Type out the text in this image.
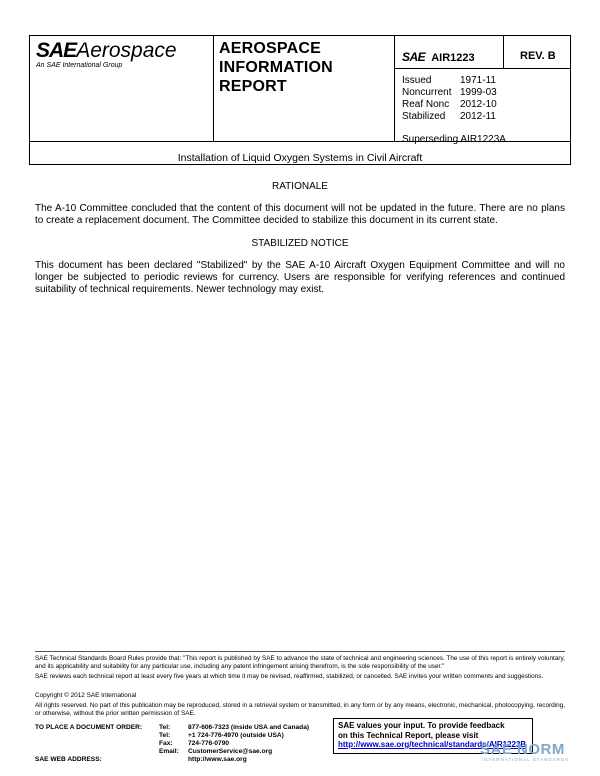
SAEAerospace
An SAE International Group
AEROSPACE
INFORMATION
REPORT
SAE AIR1223	REV. B
Issued	1971-11
Noncurrent 1999-03
Reaf Nonc 2012-10
Stabilized 2012-11
Superseding AIR1223A
Installation of Liquid Oxygen Systems in Civil Aircraft
RATIONALE
The A-10 Committee concluded that the content of this document will not be updated in the future. There are no plans to create a replacement document. The Committee decided to stabilize this document in its current state.
STABILIZED NOTICE
This document has been declared "Stabilized" by the SAE A-10 Aircraft Oxygen Equipment Committee and will no longer be subjected to periodic reviews for currency. Users are responsible for verifying references and continued suitability of technical requirements. Newer technology may exist.
SAE Technical Standards Board Rules provide that: "This report is published by SAE to advance the state of technical and engineering sciences. The use of this report is entirely voluntary, and its applicability and suitability for any particular use, including any patent infringement arising therefrom, is the sole responsibility of the user."
SAE reviews each technical report at least every five years at which time it may be revised, reaffirmed, stabilized, or cancelled. SAE invites your written comments and suggestions.
Copyright © 2012 SAE International
All rights reserved. No part of this publication may be reproduced, stored in a retrieval system or transmitted, in any form or by any means, electronic, mechanical, photocopying, recording, or otherwise, without the prior written permission of SAE.
TO PLACE A DOCUMENT ORDER:	Tel:	877-606-7323 (inside USA and Canada)
Tel:	+1 724-776-4970 (outside USA)
Fax: 724-776-0790
Email: CustomerService@sae.org
SAE WEB ADDRESS:	http://www.sae.org
SAE values your input. To provide feedback
on this Technical Report, please visit
http://www.sae.org/technical/standards/AIR1223B
SAE NORM
INTERNATIONAL STANDARDS
